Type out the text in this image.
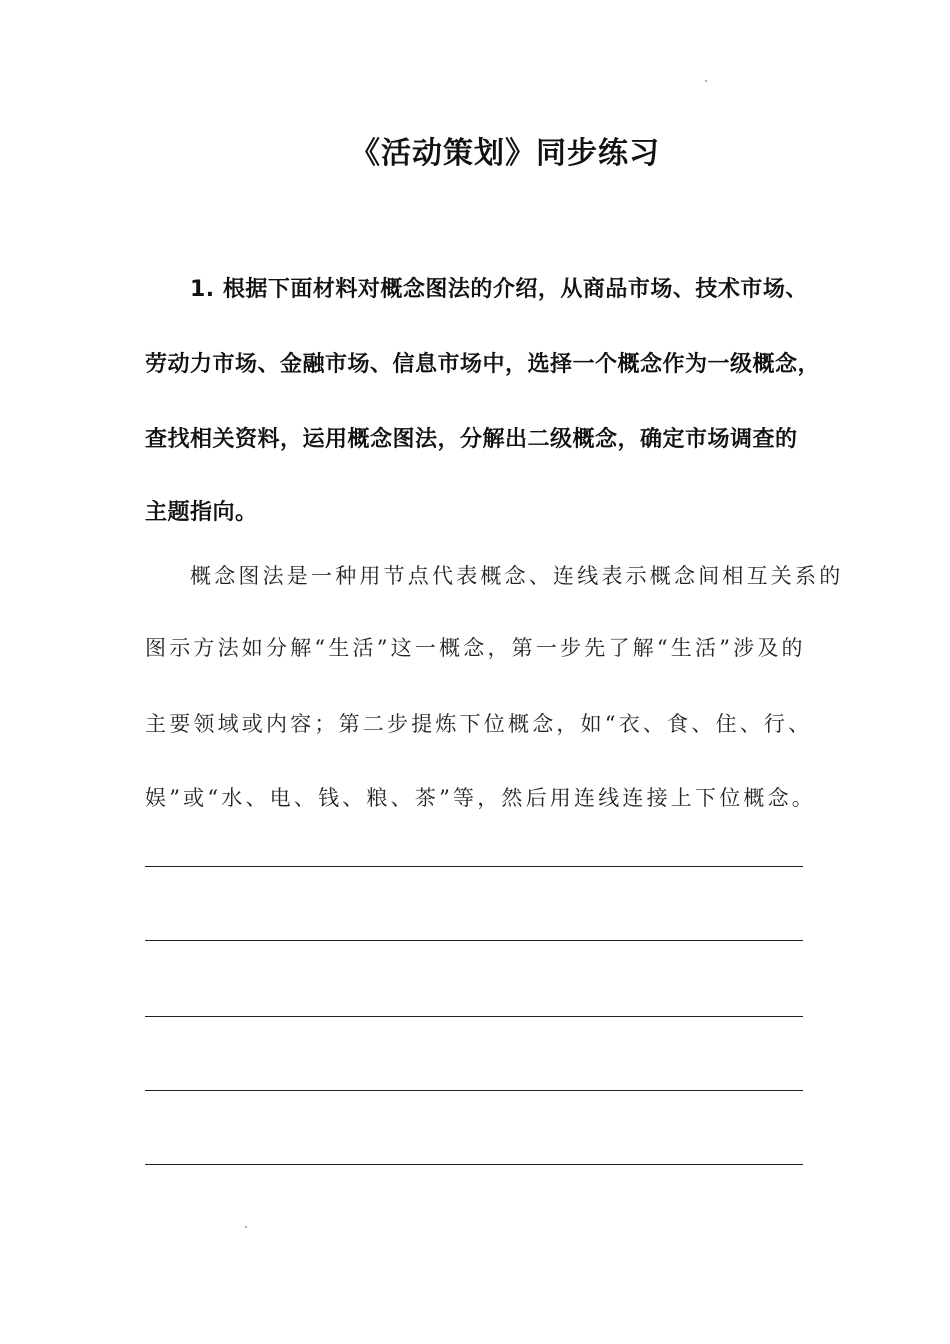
《活动策划》同步练习
1. 根据下面材料对概念图法的介绍，从商品市场、技术市场、
劳动力市场、金融市场、信息市场中，选择一个概念作为一级概念，
查找相关资料，运用概念图法，分解出二级概念，确定市场调查的
主题指向。
概念图法是一种用节点代表概念、连线表示概念间相互关系的
图示方法如分解“生活”这一概念，第一步先了解“生活”涉及的
主要领域或内容；第二步提炼下位概念，如“衣、食、住、行、
娱”或“水、电、钱、粮、茶”等，然后用连线连接上下位概念。
